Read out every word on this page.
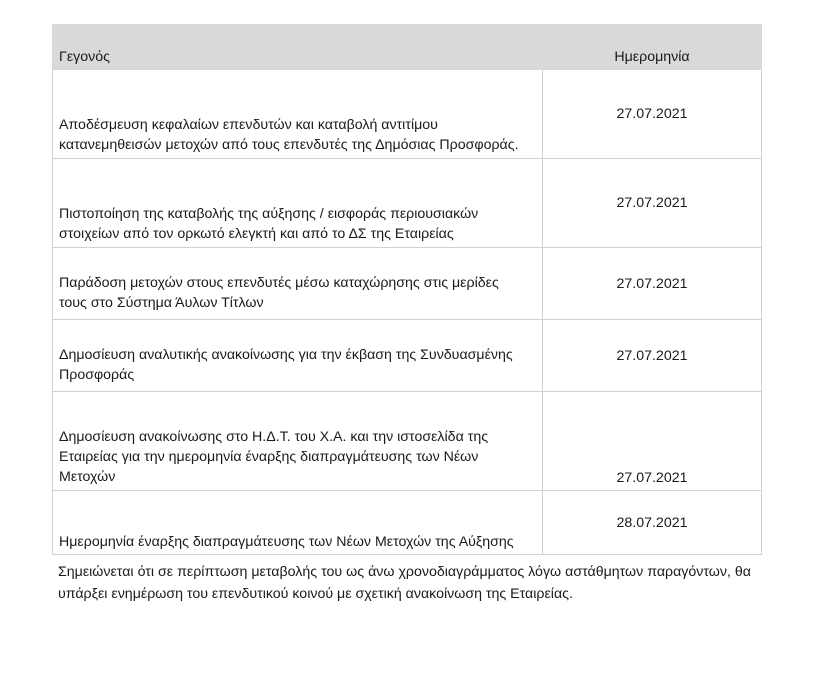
Γεγονός	Ημερομηνία
Αποδέσμευση κεφαλαίων επενδυτών και καταβολή αντιτίμου κατανεμηθεισών μετοχών από τους επενδυτές της Δημόσιας Προσφοράς.	27.07.2021
Πιστοποίηση της καταβολής της αύξησης / εισφοράς περιουσιακών στοιχείων από τον ορκωτό ελεγκτή και από το ΔΣ της Εταιρείας	27.07.2021
Παράδοση μετοχών στους επενδυτές μέσω καταχώρησης στις μερίδες τους στο Σύστημα Άυλων Τίτλων	27.07.2021
Δημοσίευση αναλυτικής ανακοίνωσης για την έκβαση της Συνδυασμένης Προσφοράς	27.07.2021
Δημοσίευση ανακοίνωσης στο Η.Δ.Τ. του Χ.Α. και την ιστοσελίδα της Εταιρείας για την ημερομηνία έναρξης διαπραγμάτευσης των Νέων Μετοχών	27.07.2021
Ημερομηνία έναρξης διαπραγμάτευσης των Νέων Μετοχών της Αύξησης	28.07.2021

Σημειώνεται ότι σε περίπτωση μεταβολής του ως άνω χρονοδιαγράμματος λόγω αστάθμητων παραγόντων, θα υπάρξει ενημέρωση του επενδυτικού κοινού με σχετική ανακοίνωση της Εταιρείας.
